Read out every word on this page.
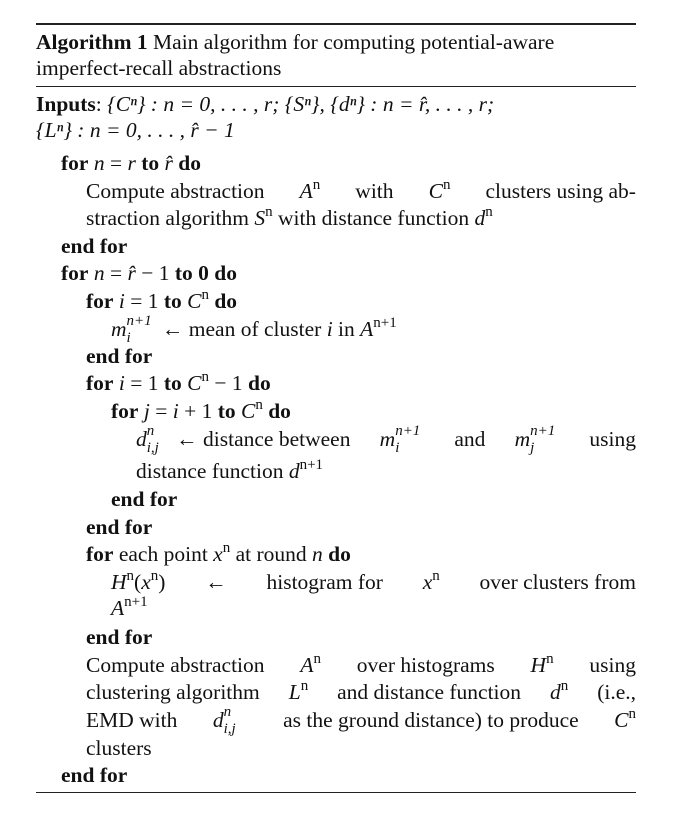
Algorithm 1 Main algorithm for computing potential-aware
imperfect-recall abstractions
Inputs: {Cⁿ} : n = 0, . . . , r; {Sⁿ}, {dⁿ} : n = r̂, . . . , r;
{Lⁿ} : n = 0, . . . , r̂ − 1
for n = r to r̂ do
Compute abstraction $A^n$ with $C^n$ clusters using ab-
straction algorithm $S^n$ with distance function $d^n$
end for
for n = r̂ − 1 to 0 do
for i = 1 to $C^n$ do
m n+1
i ← mean of cluster i in $A^{n+1}$
end for
for i = 1 to $C^n - 1$ do
for j = i + 1 to $C^n$ do
d n
i,j ← distance between m n+1
i	and m n+1
j	using
distance function $d^{n+1}$
end for
end for
for each point $x^n$ at round n do
$H^n(x^n)$ ← histogram for $x^n$ over clusters from
$A^{n+1}$
end for
Compute abstraction $A^n$ over histograms $H^n$ using
clustering algorithm $L^n$ and distance function $d^n$ (i.e.,
EMD with d n
i,j as the ground distance) to produce $C^n$
clusters
end for
